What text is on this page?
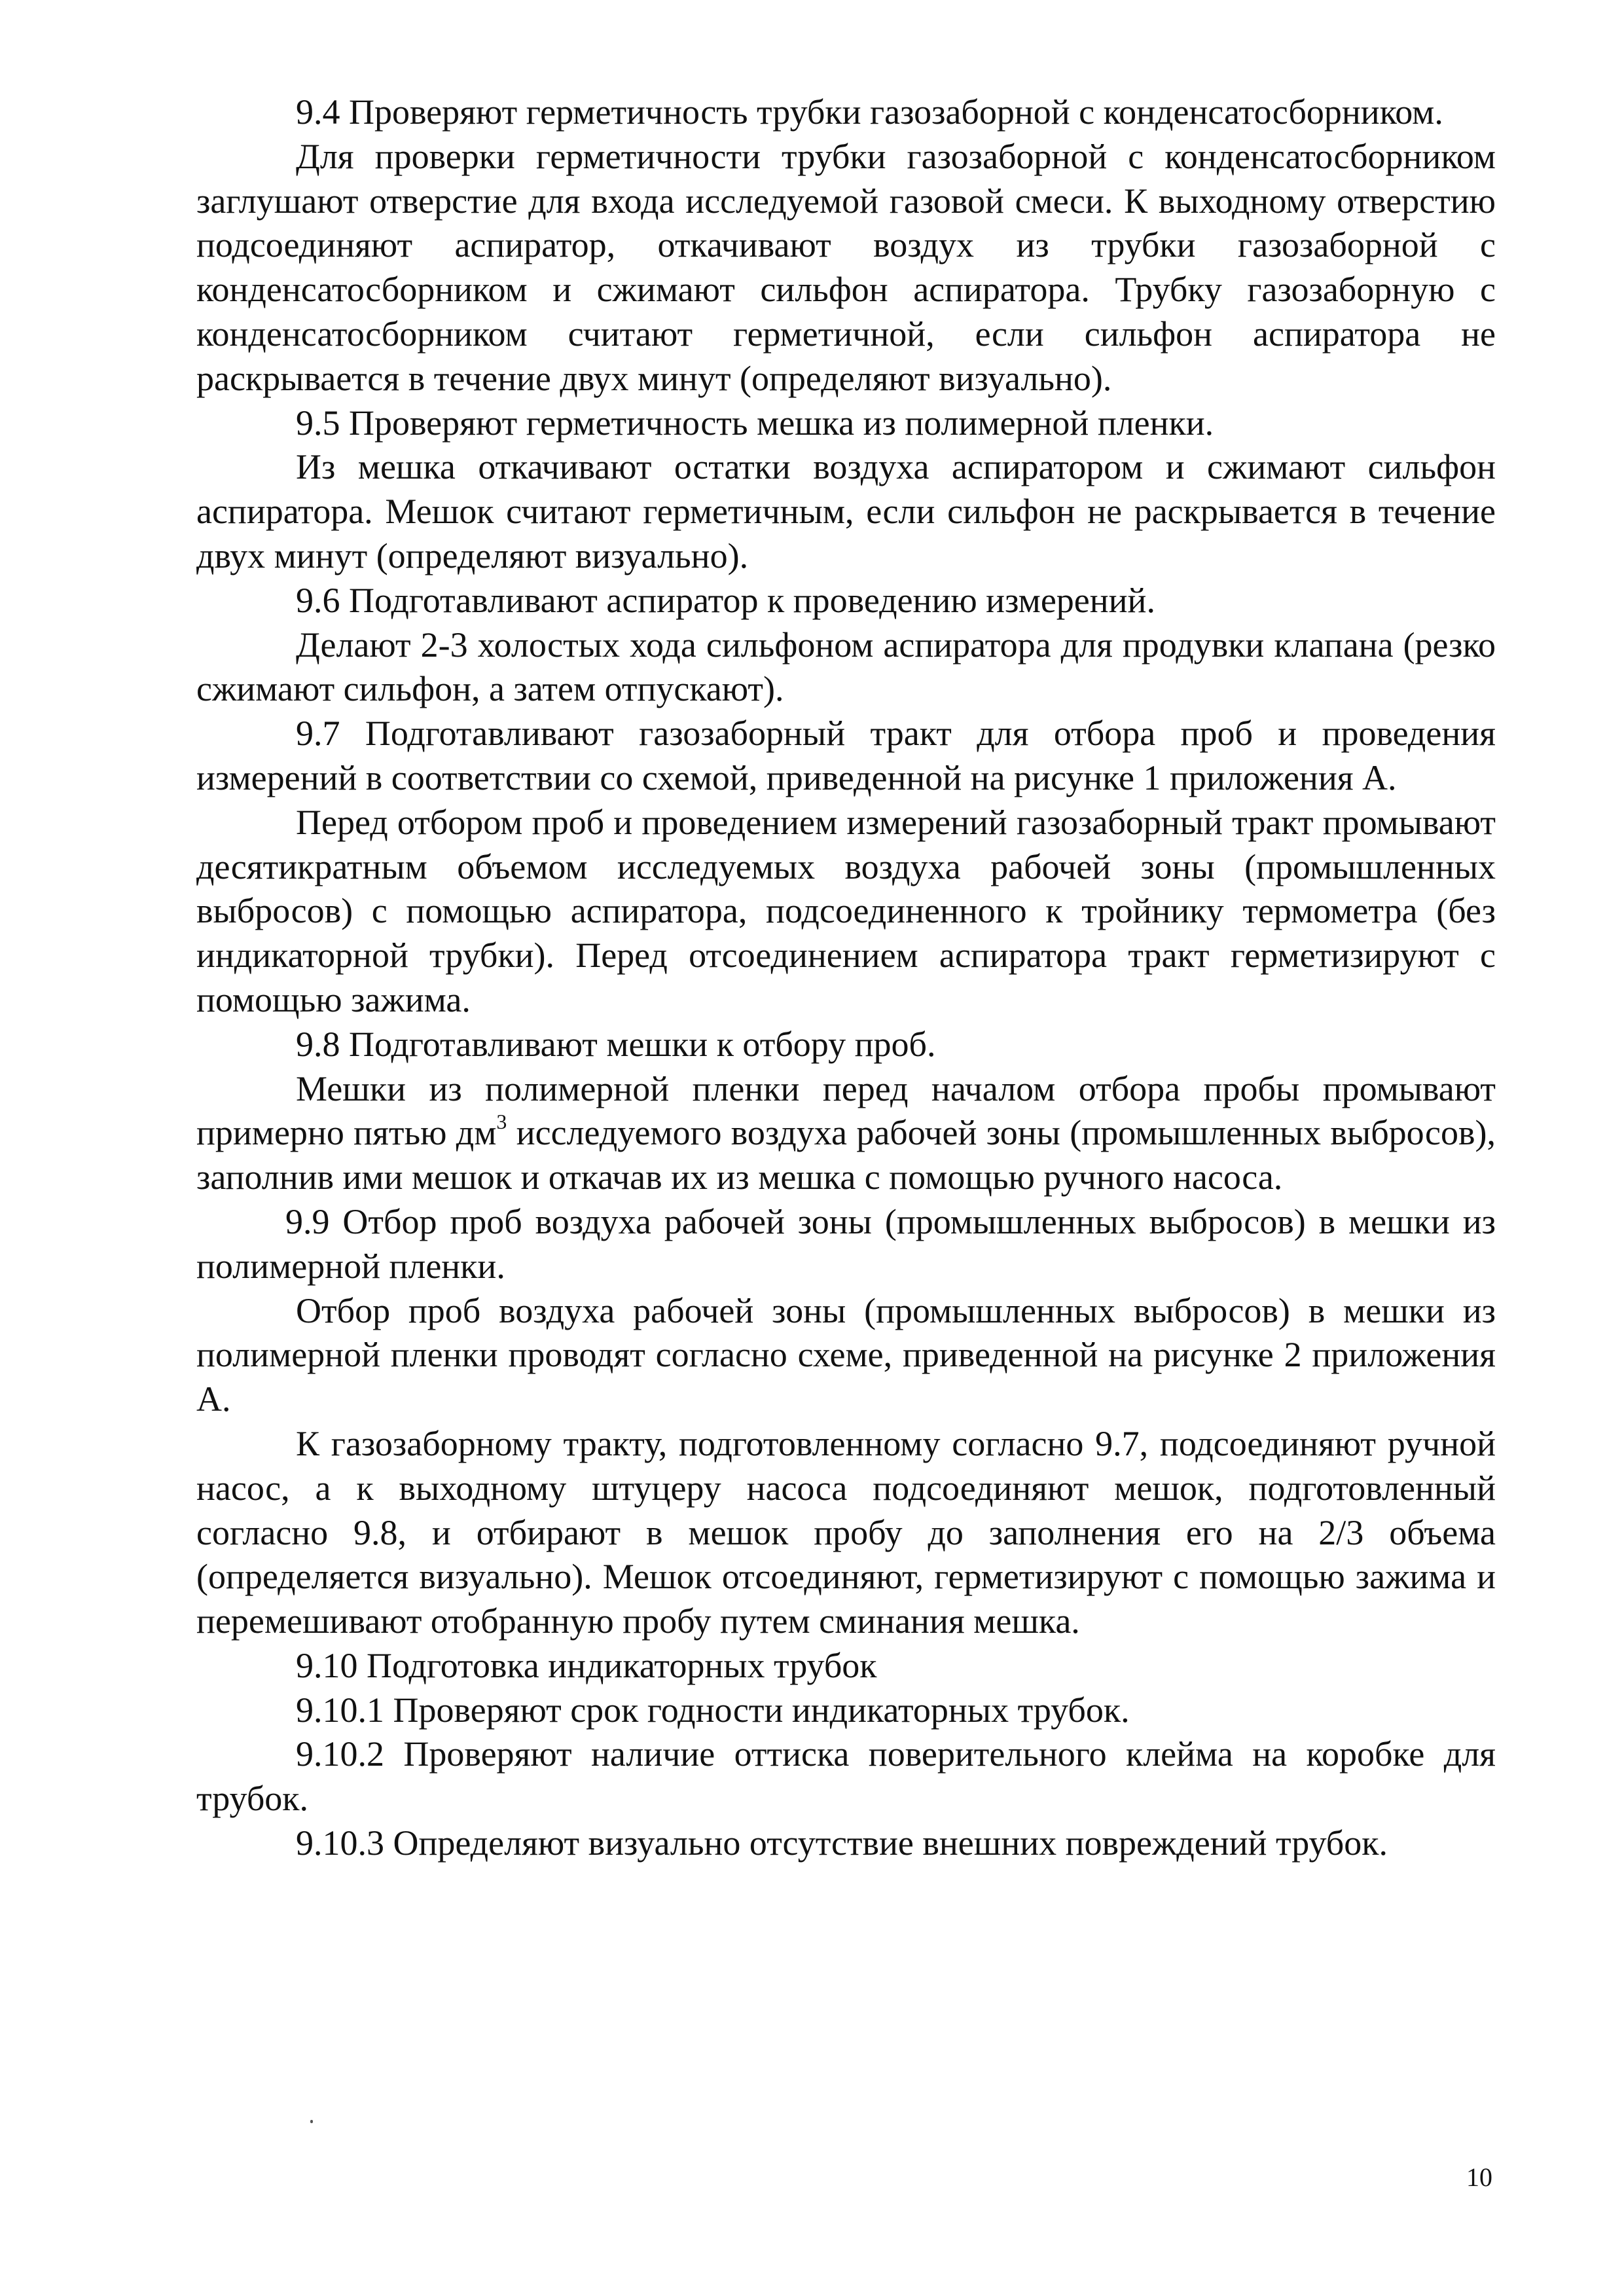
9.4 Проверяют герметичность трубки газозаборной с конденсатосборником.

Для проверки герметичности трубки газозаборной с конденсатосборником заглушают отверстие для входа исследуемой газовой смеси. К выходному отверстию подсоединяют аспиратор, откачивают воздух из трубки газозаборной с конденсатосборником и сжимают сильфон аспиратора. Трубку газозаборную с конденсатосборником считают герметичной, если сильфон аспиратора не раскрывается в течение двух минут (определяют визуально).

9.5 Проверяют герметичность мешка из полимерной пленки.

Из мешка откачивают остатки воздуха аспиратором и сжимают сильфон аспиратора. Мешок считают герметичным, если сильфон не раскрывается в течение двух минут (определяют визуально).

9.6 Подготавливают аспиратор к проведению измерений.

Делают 2-3 холостых хода сильфоном аспиратора для продувки клапана (резко сжимают сильфон, а затем отпускают).

9.7 Подготавливают газозаборный тракт для отбора проб и проведения измерений в соответствии со схемой, приведенной на рисунке 1 приложения А.

Перед отбором проб и проведением измерений газозаборный тракт промывают десятикратным объемом исследуемых воздуха рабочей зоны (промышленных выбросов) с помощью аспиратора, подсоединенного к тройнику термометра (без индикаторной трубки). Перед отсоединением аспиратора тракт герметизируют с помощью зажима.

9.8 Подготавливают мешки к отбору проб.

Мешки из полимерной пленки перед началом отбора пробы промывают примерно пятью $дм^3$ исследуемого воздуха рабочей зоны (промышленных выбросов), заполнив ими мешок и откачав их из мешка с помощью ручного насоса.

9.9 Отбор проб воздуха рабочей зоны (промышленных выбросов) в мешки из полимерной пленки.

Отбор проб воздуха рабочей зоны (промышленных выбросов) в мешки из полимерной пленки проводят согласно схеме, приведенной на рисунке 2 приложения А.

К газозаборному тракту, подготовленному согласно 9.7, подсоединяют ручной насос, а к выходному штуцеру насоса подсоединяют мешок, подготовленный согласно 9.8, и отбирают в мешок пробу до заполнения его на 2/3 объема (определяется визуально). Мешок отсоединяют, герметизируют с помощью зажима и перемешивают отобранную пробу путем сминания мешка.

9.10 Подготовка индикаторных трубок

9.10.1 Проверяют срок годности индикаторных трубок.

9.10.2 Проверяют наличие оттиска поверительного клейма на коробке для трубок.

9.10.3 Определяют визуально отсутствие внешних повреждений трубок.

10
